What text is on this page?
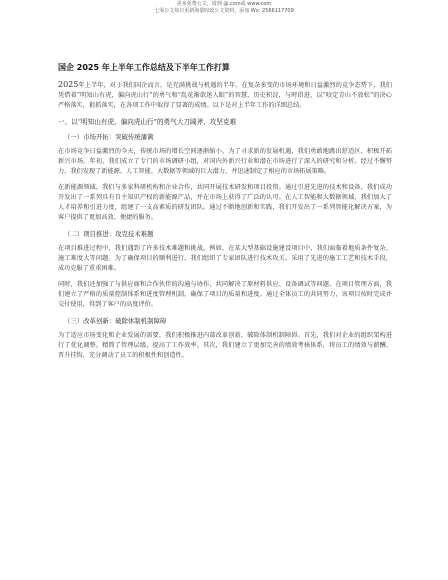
更多免费公文，请到 @.com或 www.com
七零公文每日更新海量时政公文资料，添加 Wx: 2566117709
国企 2025 年上半年工作总结及下半年工作打算

2025年上半年，对于我们国企而言，是充满挑战与机遇的半年。在复杂多变的市场环境和日益激烈的竞争态势下，我们凭借着“明知山有虎，偏向虎山行”的勇气和“乱花渐欲迷人眼”的智慧，历史积淀，与时俱进，以“咬定青山不放松”的决心严格落实，狠抓落实，在各项工作中取得了显著的成绩。以下是对上半年工作的详细总结。

一、以“明知山有虎，偏向虎山行”的勇气大刀阔斧、攻坚克难
（一）市场开拓：突破传统藩篱

在市场竞争日益激烈的今天，传统市场的增长空间逐渐缩小。为了寻求新的发展机遇，我们勇敢地跳出舒适区，积极开拓新兴市场。年初，我们成立了专门的市场调研小组，对国内外新兴行业和潜在市场进行了深入的研究和分析。经过不懈努力，我们发现了新能源、人工智能、大数据等领域的巨大潜力，并迅速制定了相应的市场拓展策略。

在新能源领域，我们与多家科研机构和企业合作，共同开展技术研发和项目投资。通过引进先进的技术和设备，我们成功开发出了一系列具有自主知识产权的新能源产品，并在市场上获得了广泛的认可。在人工智能和大数据领域，我们加大了人才培养和引进力度，组建了一支高素质的研发团队。通过不断地创新和实践，我们开发出了一系列智能化解决方案，为客户提供了更加高效、便捷的服务。

（二）项目推进：攻克技术难题

在项目推进过程中，我们遇到了许多技术难题和挑战。例如，在某大型基础设施建设项目中，我们面临着地质条件复杂、施工难度大等问题。为了确保项目的顺利进行，我们组织了专家团队进行技术攻关。采用了先进的施工工艺和技术手段，成功克服了重重困难。

同时，我们还加强了与供应商和合作伙伴的沟通与协作，共同解决了原材料供应、设备调试等问题。在项目管理方面，我们建立了严格的质量控制体系和进度管理机制，确保了项目的质量和进度。通过全体员工的共同努力，该项目按时完成并交付使用，得到了客户的高度评价。

（三）改革创新：破除体制机制障碍

为了适应市场变化和企业发展的需要，我们积极推进内部改革创新，破除体制机制障碍。首先，我们对企业的组织架构进行了优化调整，精简了管理层级，提高了工作效率。其次，我们建立了更加完善的绩效考核体系，将员工的绩效与薪酬、晋升挂钩，充分调动了员工的积极性和创造性。
